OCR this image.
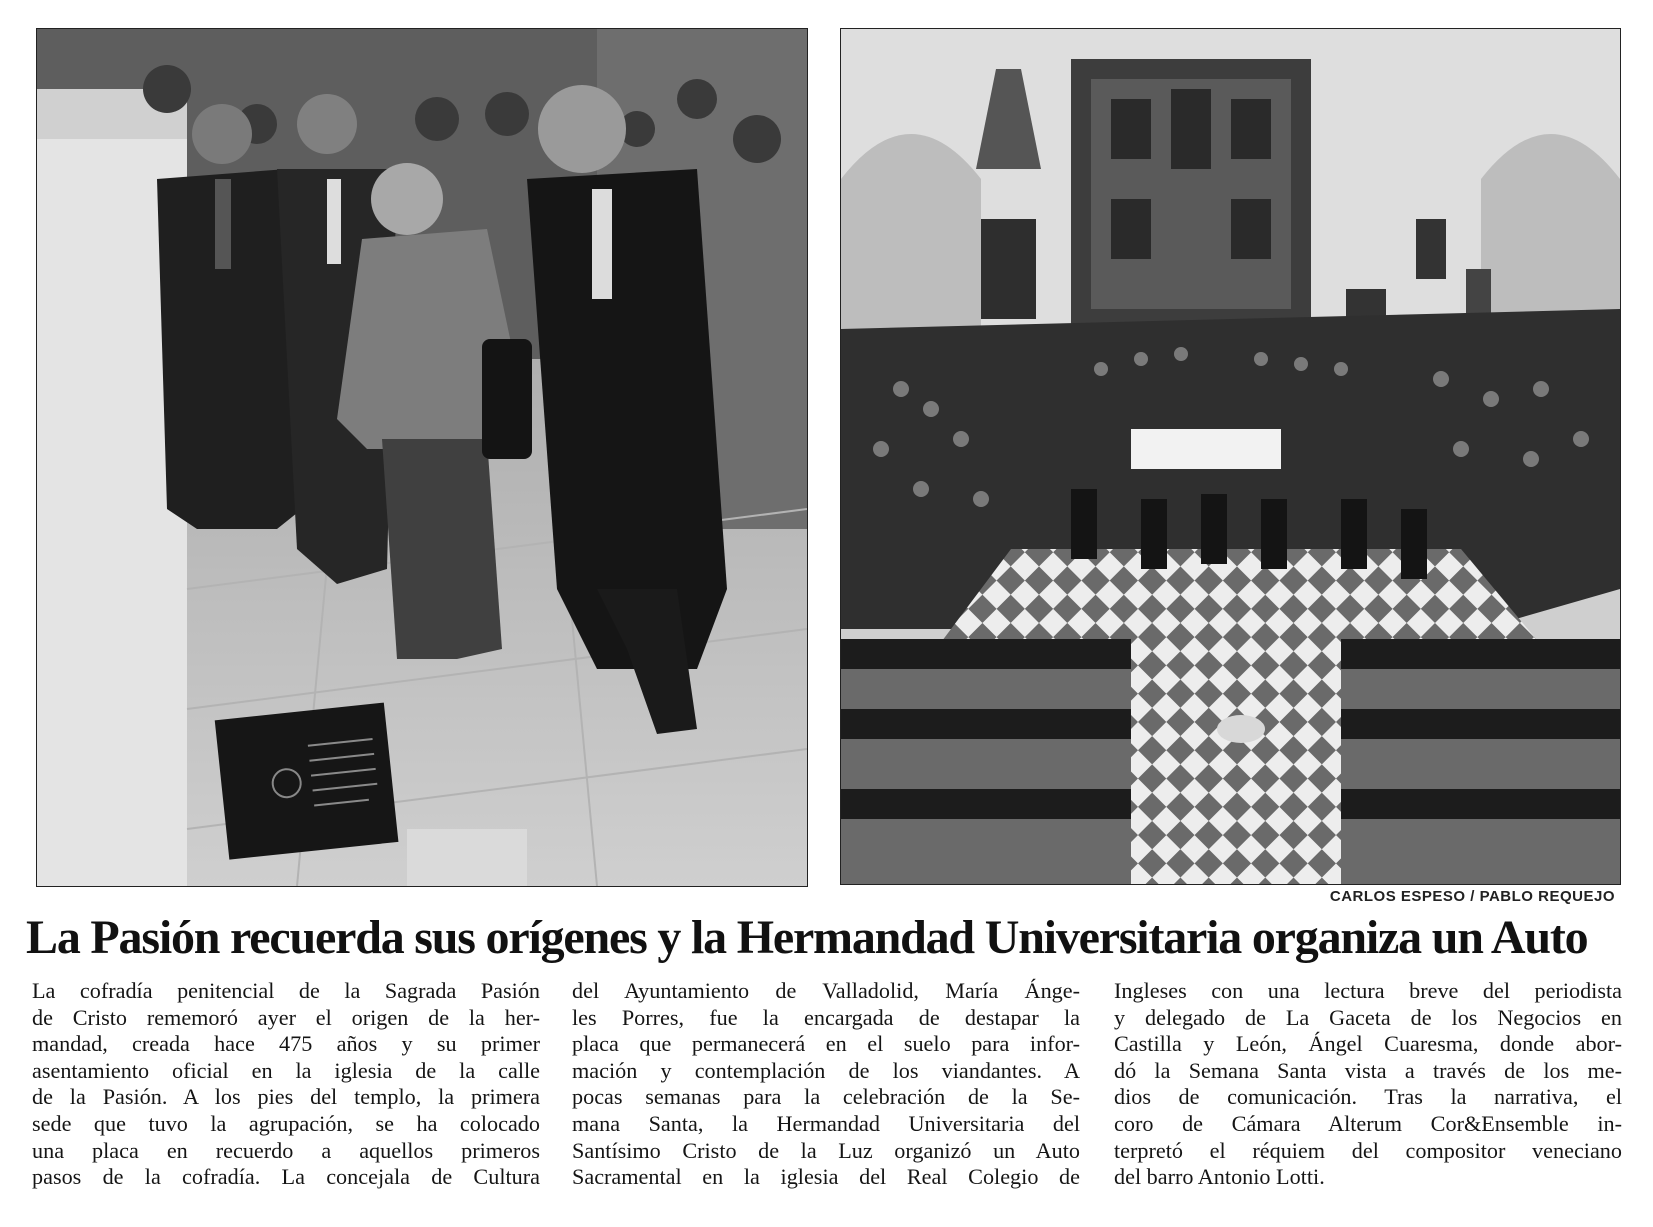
CARLOS ESPESO / PABLO REQUEJO
La Pasión recuerda sus orígenes y la Hermandad Universitaria organiza un Auto
La cofradía penitencial de la Sagrada Pasión
de Cristo rememoró ayer el origen de la her-
mandad, creada hace 475 años y su primer
asentamiento oficial en la iglesia de la calle
de la Pasión. A los pies del templo, la primera
sede que tuvo la agrupación, se ha colocado
una placa en recuerdo a aquellos primeros
pasos de la cofradía. La concejala de Cultura
del Ayuntamiento de Valladolid, María Ánge-
les Porres, fue la encargada de destapar la
placa que permanecerá en el suelo para infor-
mación y contemplación de los viandantes. A
pocas semanas para la celebración de la Se-
mana Santa, la Hermandad Universitaria del
Santísimo Cristo de la Luz organizó un Auto
Sacramental en la iglesia del Real Colegio de
Ingleses con una lectura breve del periodista
y delegado de La Gaceta de los Negocios en
Castilla y León, Ángel Cuaresma, donde abor-
dó la Semana Santa vista a través de los me-
dios de comunicación. Tras la narrativa, el
coro de Cámara Alterum Cor&Ensemble in-
terpretó el réquiem del compositor veneciano
del barro Antonio Lotti.
